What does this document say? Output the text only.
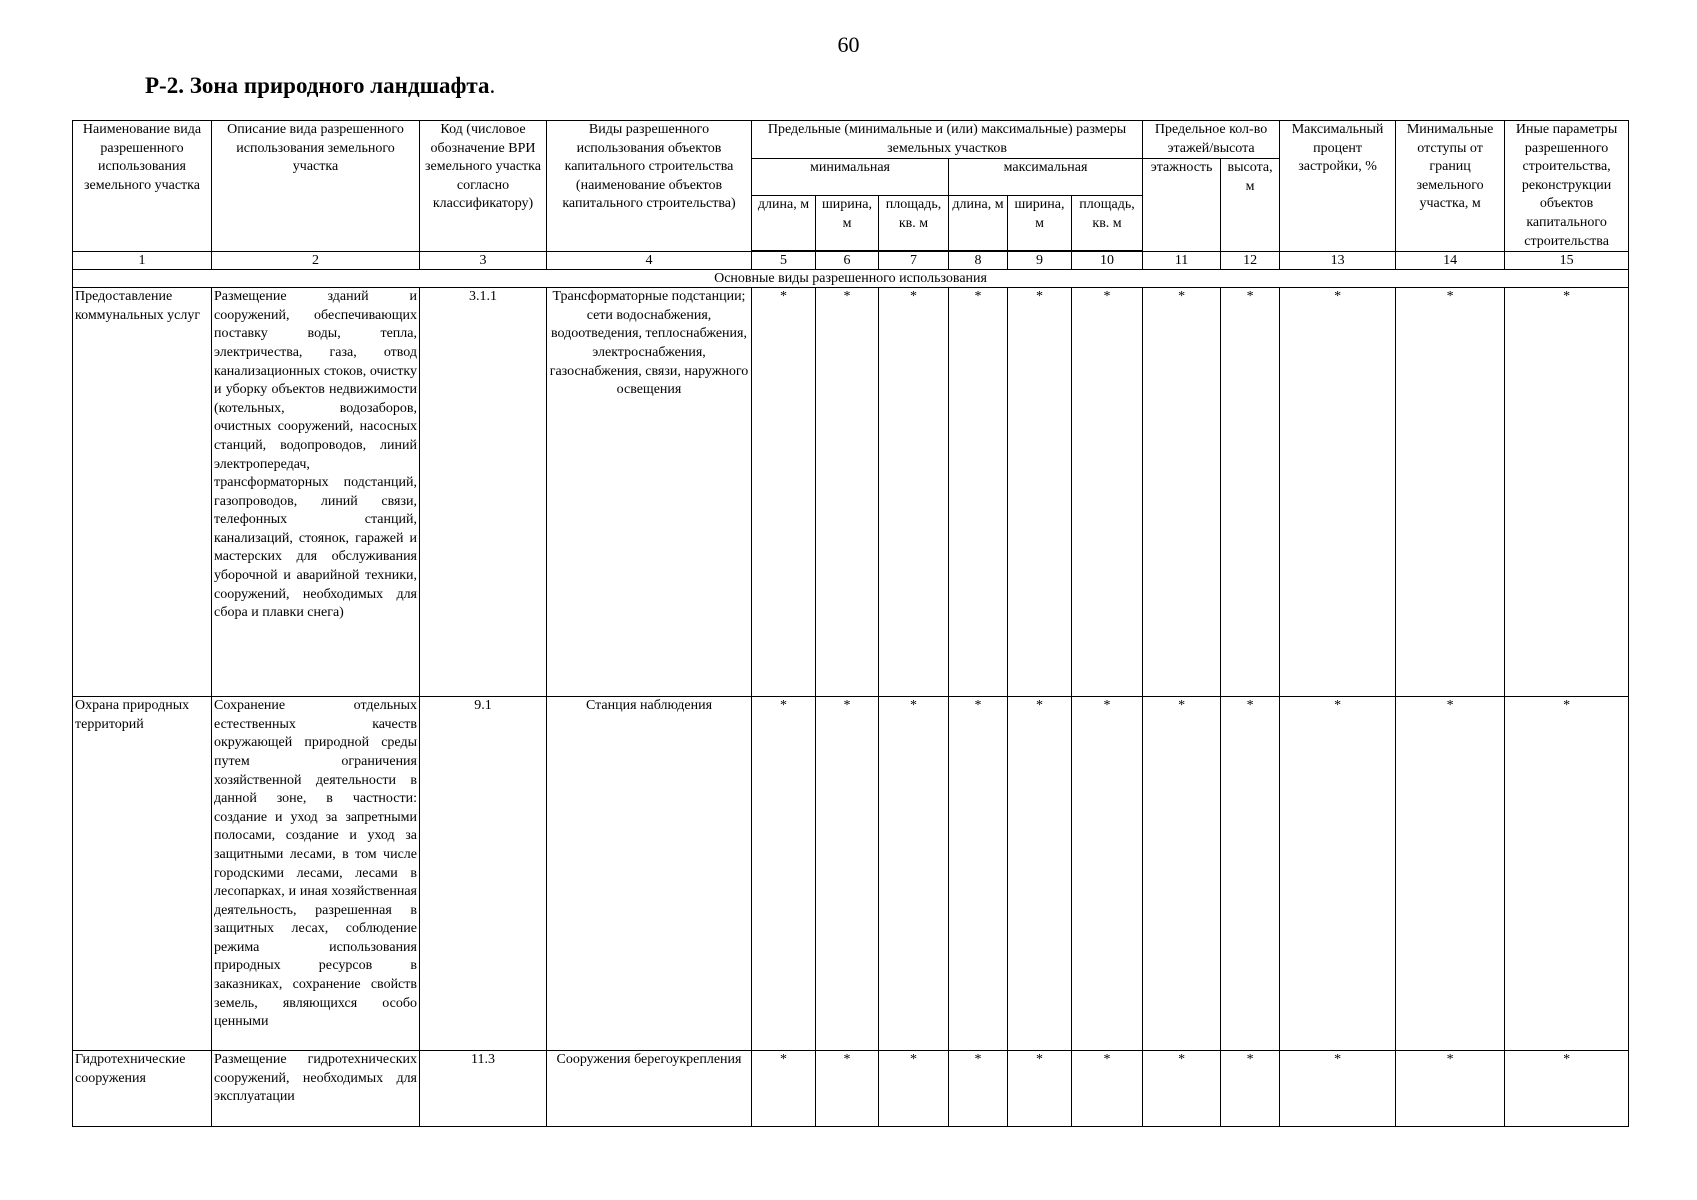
60
Р-2. Зона природного ландшафта.
Наименование вида разрешенного использования земельного участка	Описание вида разрешенного использования земельного участка	Код (числовое обозначение ВРИ земельного участка согласно классификатору)	Виды разрешенного использования объектов капитального строительства (наименование объектов капитального строительства)	Предельные (минимальные и (или) максимальные) размеры земельных участков						Предельное кол-во этажей/высота		Максимальный процент застройки, %	Минимальные отступы от границ земельного участка, м	Иные параметры разрешенного строительства, реконструкции объектов капитального строительства
				минимальная			максимальная			этажность	высота, м			
				длина, м	ширина, м	площадь, кв. м	длина, м	ширина, м	площадь, кв. м					

1	2	3	4	5	6	7	8	9	10	11	12	13	14	15
Основные виды разрешенного использования														
Предоставление коммунальных услуг	Размещение зданий и сооружений, обеспечивающих поставку воды, тепла, электричества, газа, отвод канализационных стоков, очистку и уборку объектов недвижимости (котельных, водозаборов, очистных сооружений, насосных станций, водопроводов, линий электропередач, трансформаторных подстанций, газопроводов, линий связи, телефонных станций, канализаций, стоянок, гаражей и мастерских для обслуживания уборочной и аварийной техники, сооружений, необходимых для сбора и плавки снега)	3.1.1	Трансформаторные подстанции; сети водоснабжения, водоотведения, теплоснабжения, электроснабжения, газоснабжения, связи, наружного освещения	*	*	*	*	*	*	*	*	*	*	*
Охрана природных территорий	Сохранение отдельных естественных качеств окружающей природной среды путем ограничения хозяйственной деятельности в данной зоне, в частности: создание и уход за запретными полосами, создание и уход за защитными лесами, в том числе городскими лесами, лесами в лесопарках, и иная хозяйственная деятельность, разрешенная в защитных лесах, соблюдение режима использования природных ресурсов в заказниках, сохранение свойств земель, являющихся особо ценными	9.1	Станция наблюдения	*	*	*	*	*	*	*	*	*	*	*
Гидротехнические сооружения	Размещение гидротехнических сооружений, необходимых для эксплуатации	11.3	Сооружения берегоукрепления	*	*	*	*	*	*	*	*	*	*	*
